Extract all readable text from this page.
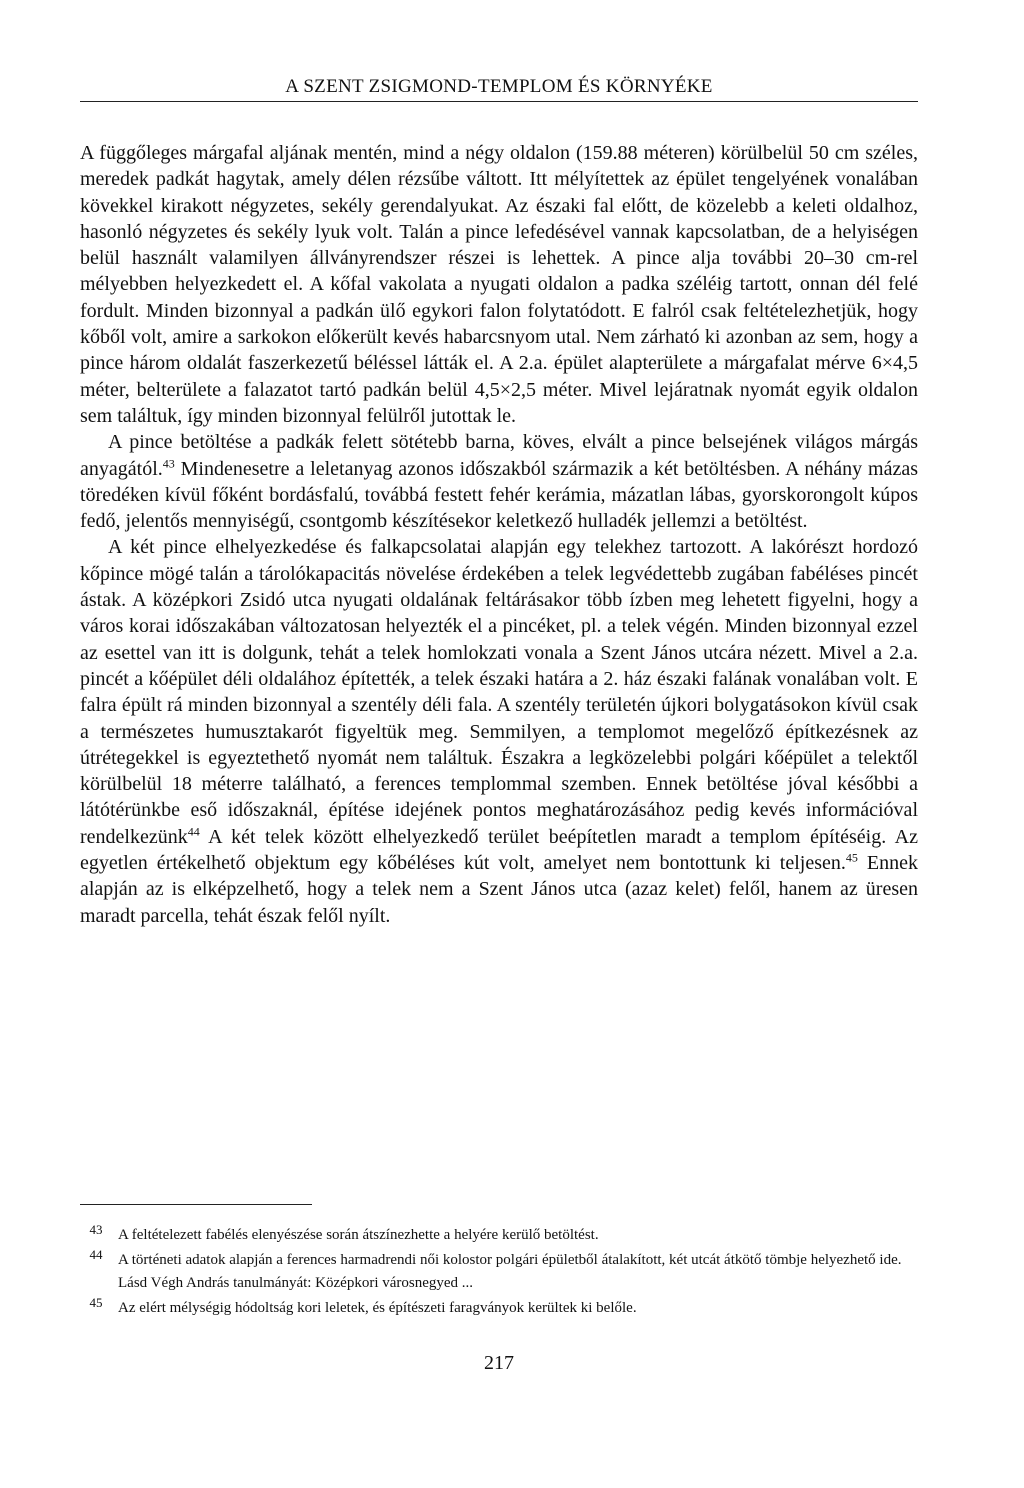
A SZENT ZSIGMOND-TEMPLOM ÉS KÖRNYÉKE

A függőleges márgafal aljának mentén, mind a négy oldalon (159.88 méteren) körülbelül 50 cm széles, meredek padkát hagytak, amely délen rézsűbe váltott. Itt mélyítettek az épület tengelyének vonalában kövekkel kirakott négyzetes, sekély gerendalyukat. Az északi fal előtt, de közelebb a keleti oldalhoz, hasonló négyzetes és sekély lyuk volt. Talán a pince lefedésével vannak kapcsolatban, de a helyiségen belül használt valamilyen állványrendszer részei is lehettek. A pince alja további 20–30 cm-rel mélyebben helyezkedett el. A kőfal vakolata a nyugati oldalon a padka széléig tartott, onnan dél felé fordult. Minden bizonnyal a padkán ülő egykori falon folytatódott. E falról csak feltételezhetjük, hogy kőből volt, amire a sarkokon előkerült kevés habarcsnyom utal. Nem zárható ki azonban az sem, hogy a pince három oldalát faszerkezetű béléssel látták el. A 2.a. épület alapterülete a márgafalat mérve 6×4,5 méter, belterülete a falazatot tartó padkán belül 4,5×2,5 méter. Mivel lejáratnak nyomát egyik oldalon sem találtuk, így minden bizonnyal felülről jutottak le.

A pince betöltése a padkák felett sötétebb barna, köves, elvált a pince belsejének világos márgás anyagától.$^{43}$ Mindenesetre a leletanyag azonos időszakból származik a két betöltésben. A néhány mázas töredéken kívül főként bordásfalú, továbbá festett fehér kerámia, mázatlan lábas, gyorskorongolt kúpos fedő, jelentős mennyiségű, csontgomb készítésekor keletkező hulladék jellemzi a betöltést.

A két pince elhelyezkedése és falkapcsolatai alapján egy telekhez tartozott. A lakórészt hordozó kőpince mögé talán a tárolókapacitás növelése érdekében a telek legvédettebb zugában fabéléses pincét ástak. A középkori Zsidó utca nyugati oldalának feltárásakor több ízben meg lehetett figyelni, hogy a város korai időszakában változatosan helyezték el a pincéket, pl. a telek végén. Minden bizonnyal ezzel az esettel van itt is dolgunk, tehát a telek homlokzati vonala a Szent János utcára nézett. Mivel a 2.a. pincét a kőépület déli oldalához építették, a telek északi határa a 2. ház északi falának vonalában volt. E falra épült rá minden bizonnyal a szentély déli fala. A szentély területén újkori bolygatásokon kívül csak a természetes humusztakarót figyeltük meg. Semmilyen, a templomot megelőző építkezésnek az útrétegekkel is egyeztethető nyomát nem találtuk. Északra a legközelebbi polgári kőépület a telektől körülbelül 18 méterre található, a ferences templommal szemben. Ennek betöltése jóval későbbi a látótérünkbe eső időszaknál, építése idejének pontos meghatározásához pedig kevés információval rendelkezünk$^{44}$ A két telek között elhelyezkedő terület beépítetlen maradt a templom építéséig. Az egyetlen értékelhető objektum egy kőbéléses kút volt, amelyet nem bontottunk ki teljesen.$^{45}$ Ennek alapján az is elképzelhető, hogy a telek nem a Szent János utca (azaz kelet) felől, hanem az üresen maradt parcella, tehát észak felől nyílt.

43	A feltételezett fabélés elenyészése során átszínezhette a helyére kerülő betöltést.
44	A történeti adatok alapján a ferences harmadrendi női kolostor polgári épületből átalakított, két utcát átkötő tömbje helyezhető ide. Lásd Végh András tanulmányát: Középkori városnegyed ...
45	Az elért mélységig hódoltság kori leletek, és építészeti faragványok kerültek ki belőle.
217
